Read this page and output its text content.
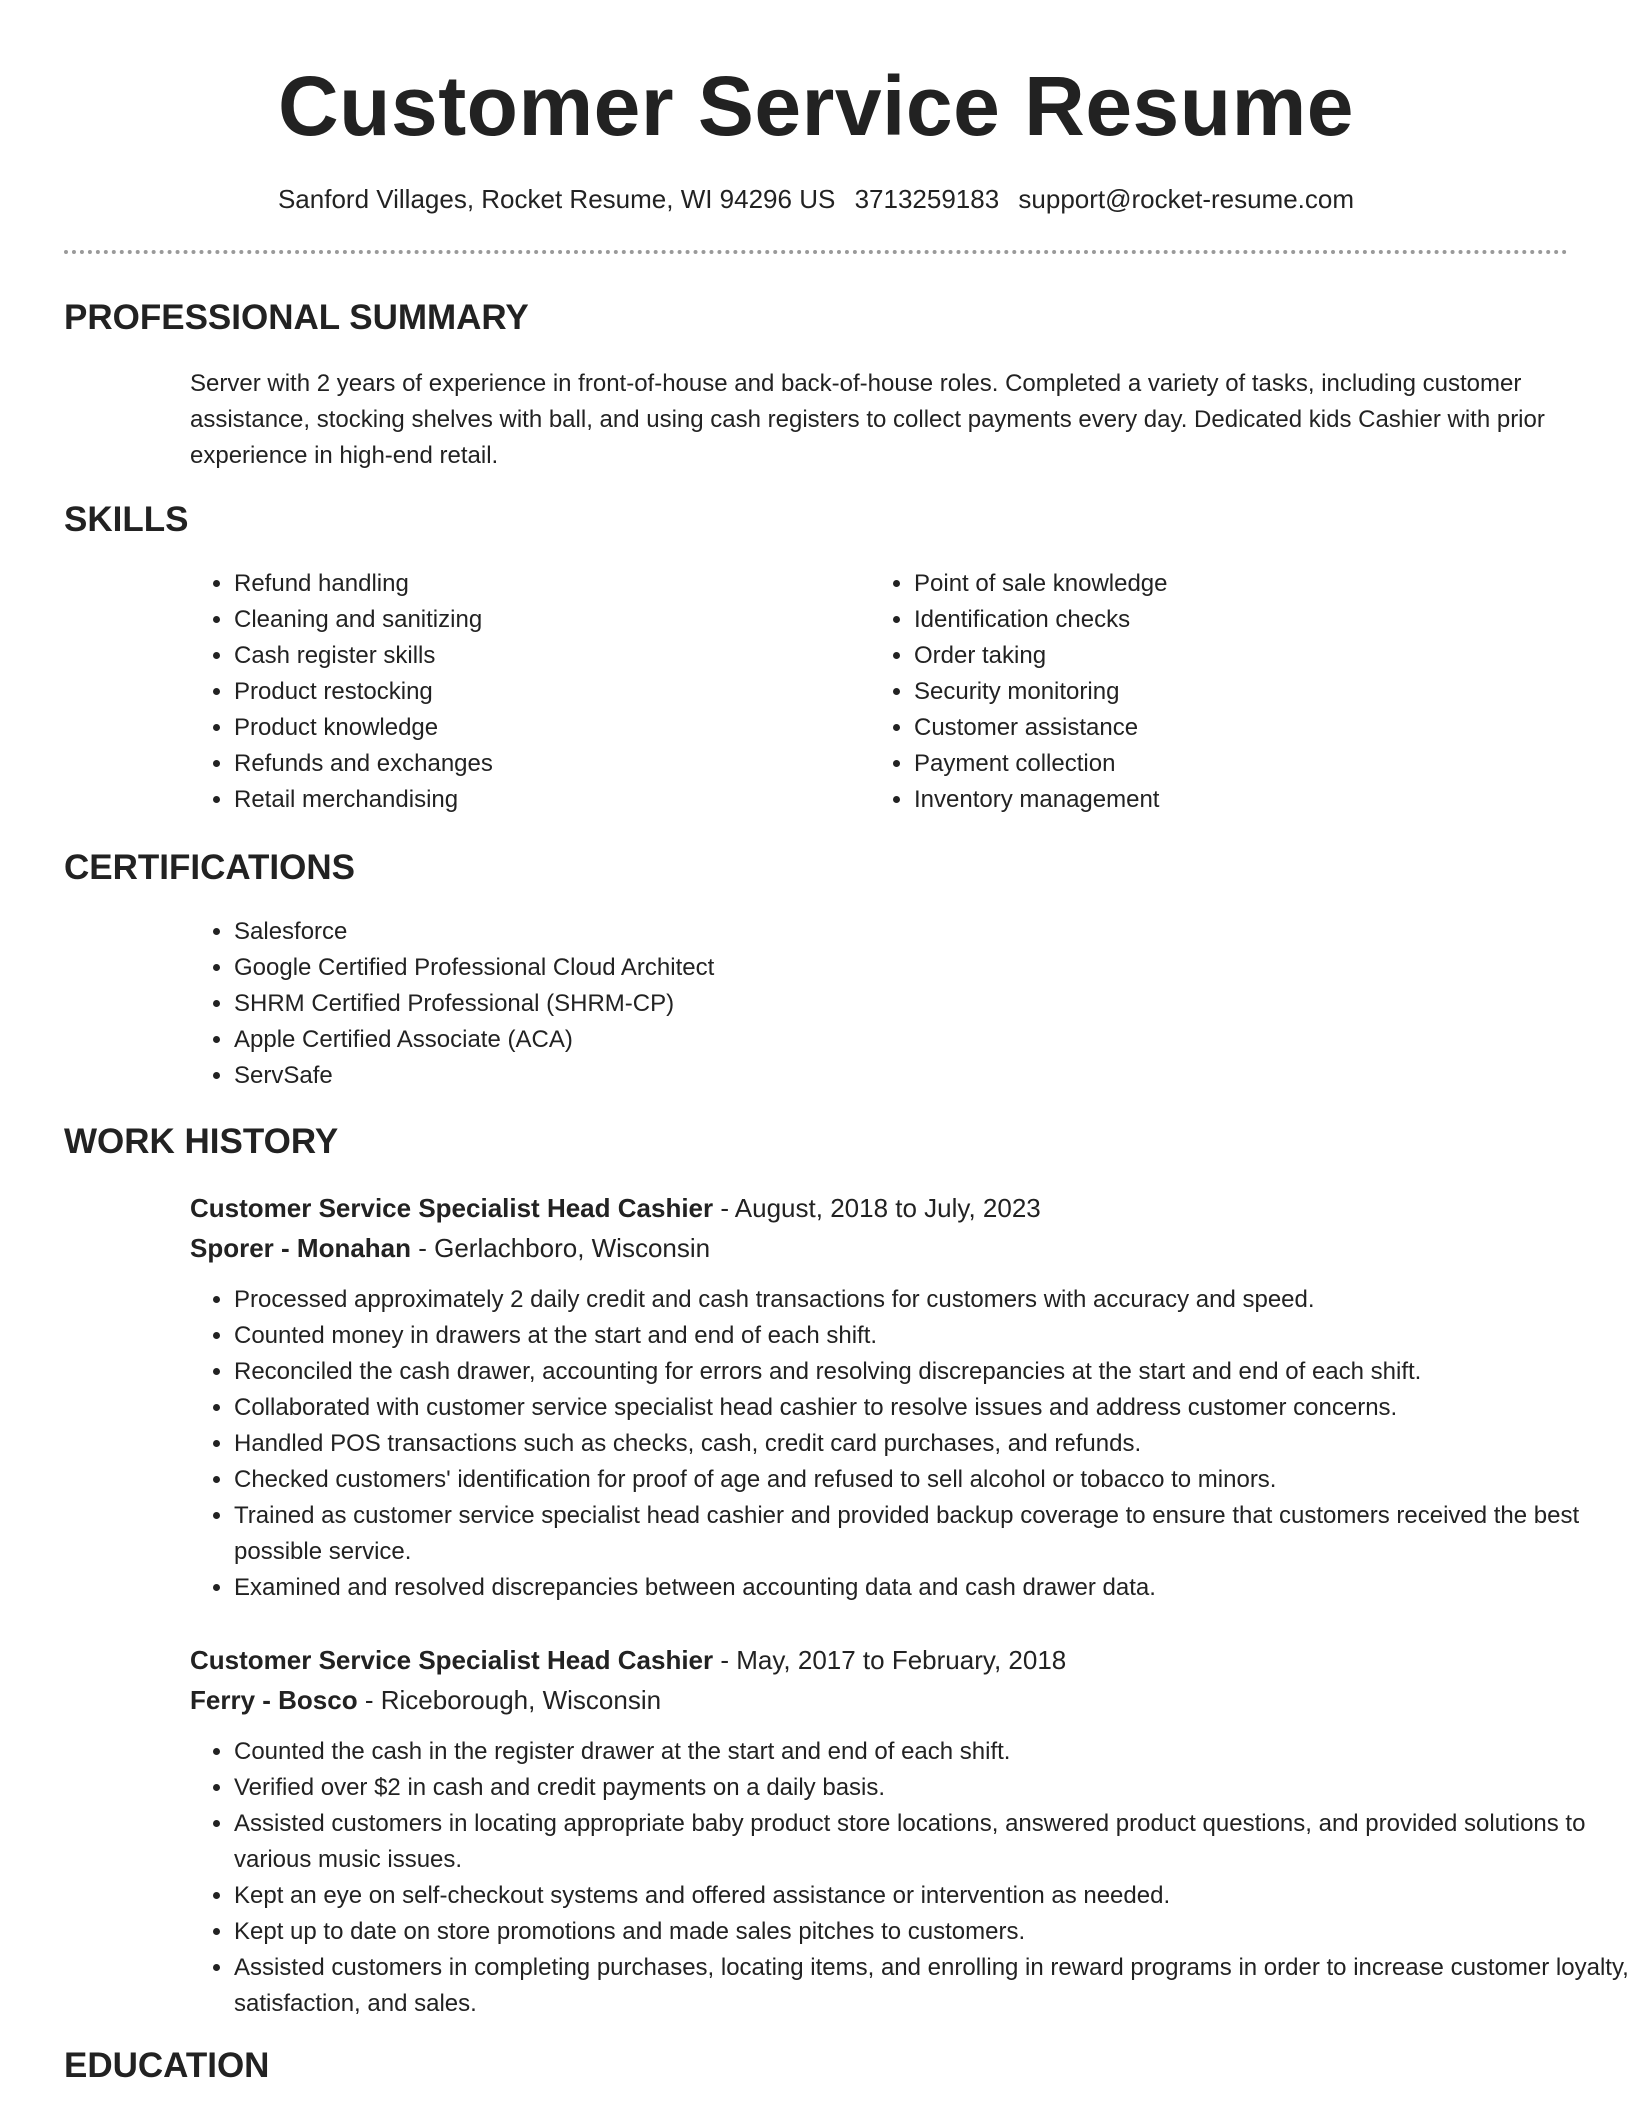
Customer Service Resume
Sanford Villages, Rocket Resume, WI 94296 US 3713259183 support@rocket-resume.com
PROFESSIONAL SUMMARY

Server with 2 years of experience in front-of-house and back-of-house roles. Completed a variety of tasks, including customer assistance, stocking shelves with ball, and using cash registers to collect payments every day. Dedicated kids Cashier with prior experience in high-end retail.

SKILLS
• Refund handling
• Cleaning and sanitizing
• Cash register skills
• Product restocking
• Product knowledge
• Refunds and exchanges
• Retail merchandising
• Point of sale knowledge
• Identification checks
• Order taking
• Security monitoring
• Customer assistance
• Payment collection
• Inventory management
CERTIFICATIONS
• Salesforce
• Google Certified Professional Cloud Architect
• SHRM Certified Professional (SHRM-CP)
• Apple Certified Associate (ACA)
• ServSafe
WORK HISTORY
Customer Service Specialist Head Cashier - August, 2018 to July, 2023
Sporer - Monahan - Gerlachboro, Wisconsin
• Processed approximately 2 daily credit and cash transactions for customers with accuracy and speed.
• Counted money in drawers at the start and end of each shift.
• Reconciled the cash drawer, accounting for errors and resolving discrepancies at the start and end of each shift.
• Collaborated with customer service specialist head cashier to resolve issues and address customer concerns.
• Handled POS transactions such as checks, cash, credit card purchases, and refunds.
• Checked customers' identification for proof of age and refused to sell alcohol or tobacco to minors.
• Trained as customer service specialist head cashier and provided backup coverage to ensure that customers received the best possible service.
• Examined and resolved discrepancies between accounting data and cash drawer data.
Customer Service Specialist Head Cashier - May, 2017 to February, 2018
Ferry - Bosco - Riceborough, Wisconsin
• Counted the cash in the register drawer at the start and end of each shift.
• Verified over $2 in cash and credit payments on a daily basis.
• Assisted customers in locating appropriate baby product store locations, answered product questions, and provided solutions to various music issues.
• Kept an eye on self-checkout systems and offered assistance or intervention as needed.
• Kept up to date on store promotions and made sales pitches to customers.
• Assisted customers in completing purchases, locating items, and enrolling in reward programs in order to increase customer loyalty, satisfaction, and sales.
EDUCATION
